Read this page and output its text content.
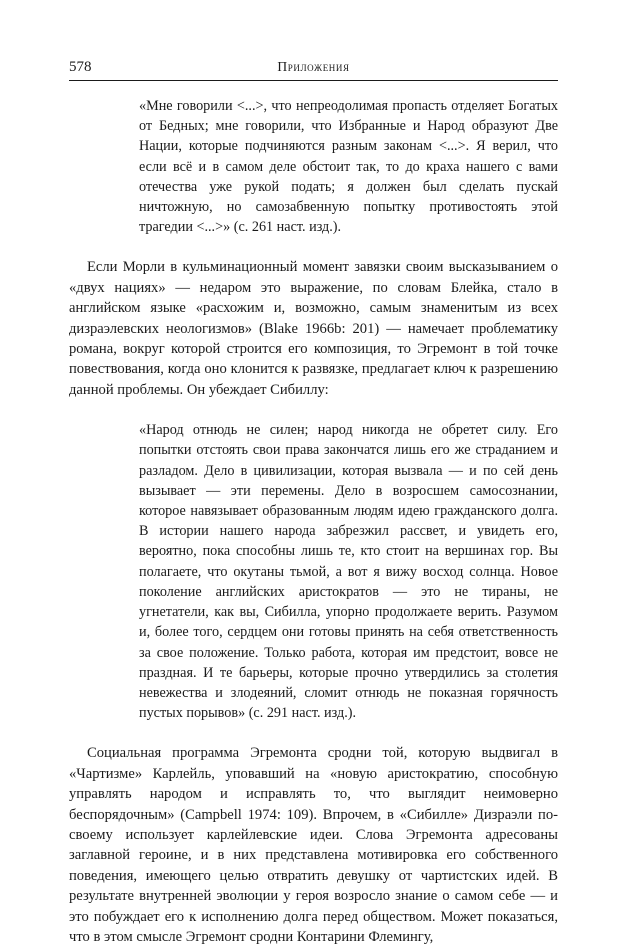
578	Приложения

«Мне говорили <...>, что непреодолимая пропасть отделяет Богатых от Бедных; мне говорили, что Избранные и Народ образуют Две Нации, которые подчиняются разным законам <...>. Я верил, что если всё и в самом деле обстоит так, то до краха нашего с вами отечества уже рукой подать; я должен был сделать пускай ничтожную, но самозабвенную попытку противостоять этой трагедии <...>» (с. 261 наст. изд.).

Если Морли в кульминационный момент завязки своим высказыванием о «двух нациях» — недаром это выражение, по словам Блейка, стало в английском языке «расхожим и, возможно, самым знаменитым из всех дизраэлевских неологизмов» (Blake 1966b: 201) — намечает проблематику романа, вокруг которой строится его композиция, то Эгремонт в той точке повествования, когда оно клонится к развязке, предлагает ключ к разрешению данной проблемы. Он убеждает Сибиллу:

«Народ отнюдь не силен; народ никогда не обретет силу. Его попытки отстоять свои права закончатся лишь его же страданием и разладом. Дело в цивилизации, которая вызвала — и по сей день вызывает — эти перемены. Дело в возросшем самосознании, которое навязывает образованным людям идею гражданского долга. В истории нашего народа забрезжил рассвет, и увидеть его, вероятно, пока способны лишь те, кто стоит на вершинах гор. Вы полагаете, что окутаны тьмой, а вот я вижу восход солнца. Новое поколение английских аристократов — это не тираны, не угнетатели, как вы, Сибилла, упорно продолжаете верить. Разумом и, более того, сердцем они готовы принять на себя ответственность за свое положение. Только работа, которая им предстоит, вовсе не праздная. И те барьеры, которые прочно утвердились за столетия невежества и злодеяний, сломит отнюдь не показная горячность пустых порывов» (с. 291 наст. изд.).

Социальная программа Эгремонта сродни той, которую выдвигал в «Чартизме» Карлейль, уповавший на «новую аристократию, способную управлять народом и исправлять то, что выглядит неимоверно беспорядочным» (Campbell 1974: 109). Впрочем, в «Сибилле» Дизраэли по-своему использует карлейлевские идеи. Слова Эгремонта адресованы заглавной героине, и в них представлена мотивировка его собственного поведения, имеющего целью отвратить девушку от чартистских идей. В результате внутренней эволюции у героя возросло знание о самом себе — и это побуждает его к исполнению долга перед обществом. Может показаться, что в этом смысле Эгремонт сродни Контарини Флемингу,
